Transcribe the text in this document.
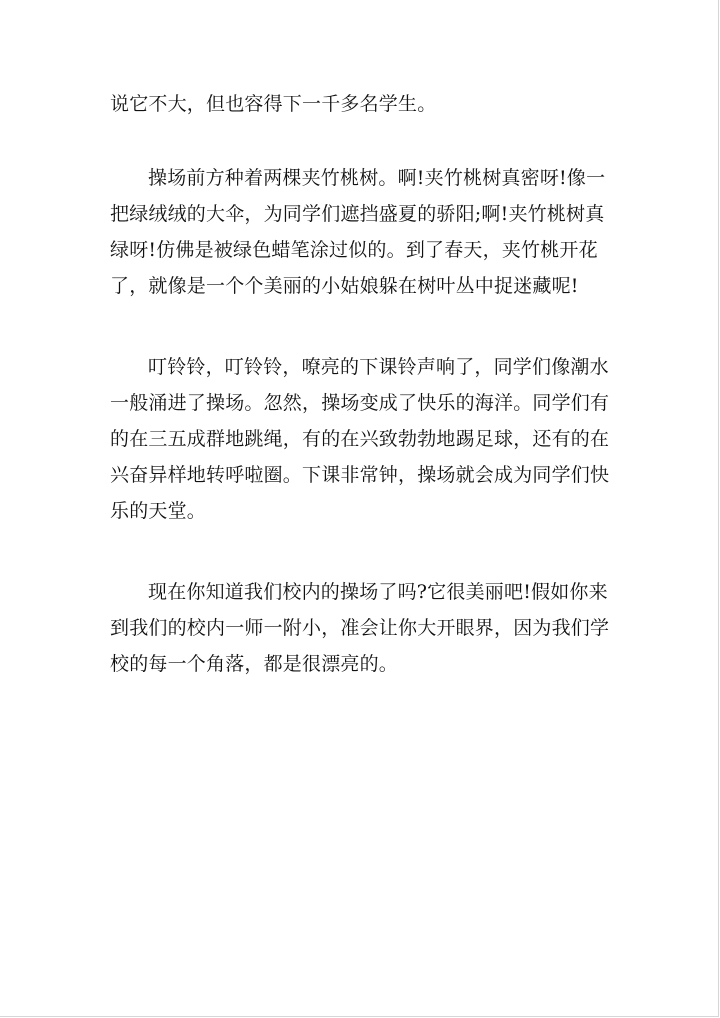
说它不大，但也容得下一千多名学生。

操场前方种着两棵夹竹桃树。啊!夹竹桃树真密呀!像一
把绿绒绒的大伞，为同学们遮挡盛夏的骄阳;啊!夹竹桃树真
绿呀!仿佛是被绿色蜡笔涂过似的。到了春天，夹竹桃开花
了，就像是一个个美丽的小姑娘躲在树叶丛中捉迷藏呢!

叮铃铃，叮铃铃，嘹亮的下课铃声响了，同学们像潮水
一般涌进了操场。忽然，操场变成了快乐的海洋。同学们有
的在三五成群地跳绳，有的在兴致勃勃地踢足球，还有的在
兴奋异样地转呼啦圈。下课非常钟，操场就会成为同学们快
乐的天堂。

现在你知道我们校内的操场了吗?它很美丽吧!假如你来
到我们的校内一师一附小，准会让你大开眼界，因为我们学
校的每一个角落，都是很漂亮的。
